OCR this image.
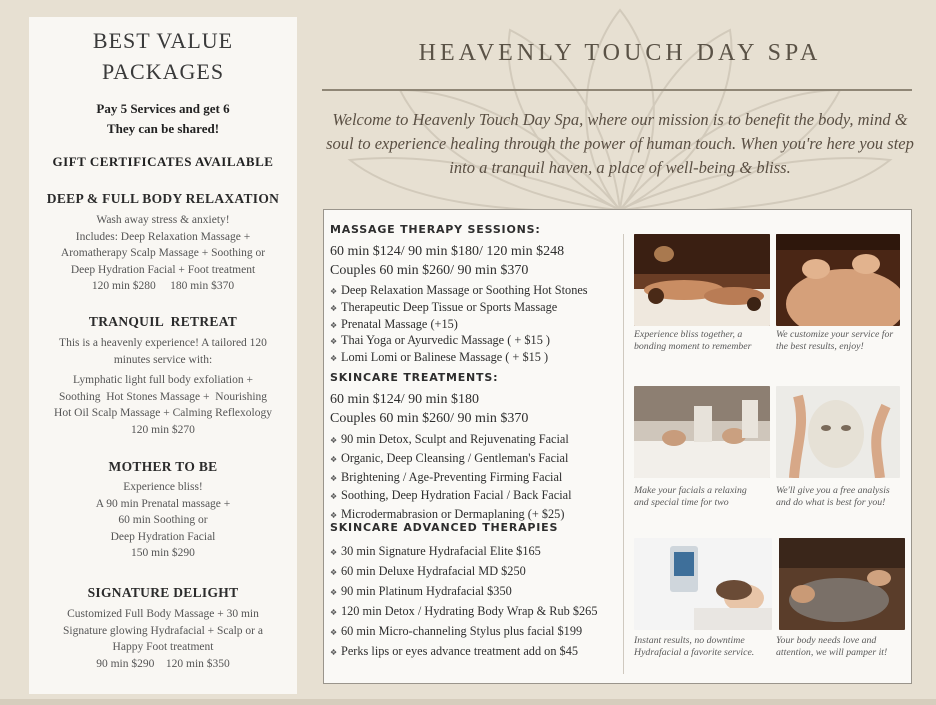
BEST VALUE
PACKAGES
Pay 5 Services and get 6
They can be shared!
GIFT CERTIFICATES AVAILABLE
DEEP & FULL BODY RELAXATION
Wash away stress & anxiety!
Includes: Deep Relaxation Massage +
Aromatherapy Scalp Massage + Soothing or
Deep Hydration Facial + Foot treatment
120 min $280     180 min $370
TRANQUIL  RETREAT
This is a heavenly experience! A tailored 120
minutes service with:
Lymphatic light full body exfoliation +
Soothing  Hot Stones Massage +  Nourishing
Hot Oil Scalp Massage + Calming Reflexology
120 min $270
MOTHER TO BE
Experience bliss!
A 90 min Prenatal massage +
60 min Soothing or
Deep Hydration Facial
150 min $290
SIGNATURE DELIGHT
Customized Full Body Massage + 30 min
Signature glowing Hydrafacial + Scalp or a
Happy Foot treatment
90 min $290    120 min $350
HEAVENLY TOUCH DAY SPA
Welcome to Heavenly Touch Day Spa, where our mission is to benefit the body, mind &
soul to experience healing through the power of human touch. When you're here you step
into a tranquil haven, a place of well-being & bliss.
MASSAGE THERAPY SESSIONS:
60 min $124/ 90 min $180/ 120 min $248
Couples 60 min $260/ 90 min $370
❖ Deep Relaxation Massage or Soothing Hot Stones
❖ Therapeutic Deep Tissue or Sports Massage
❖ Prenatal Massage (+15)
❖ Thai Yoga or Ayurvedic Massage ( + $15 )
❖ Lomi Lomi or Balinese Massage ( + $15 )
SKINCARE TREATMENTS:
60 min $124/ 90 min $180
Couples 60 min $260/ 90 min $370
❖ 90 min Detox, Sculpt and Rejuvenating Facial
❖ Organic, Deep Cleansing / Gentleman's Facial
❖ Brightening / Age-Preventing Firming Facial
❖ Soothing, Deep Hydration Facial / Back Facial
❖ Microdermabrasion or Dermaplaning (+ $25)
SKINCARE ADVANCED THERAPIES
❖ 30 min Signature Hydrafacial Elite $165
❖ 60 min Deluxe Hydrafacial MD $250
❖ 90 min Platinum Hydrafacial $350
❖ 120 min Detox / Hydrating Body Wrap & Rub $265
❖ 60 min Micro-channeling Stylus plus facial $199
❖ Perks lips or eyes advance treatment add on $45
Experience bliss together, a bonding moment to remember
We customize your service for the best results, enjoy!
Make your facials a relaxing and special time for two
We'll give you a free analysis and do what is best for you!
Instant results, no downtime Hydrafacial a favorite service.
Your body needs love and attention, we will pamper it!
